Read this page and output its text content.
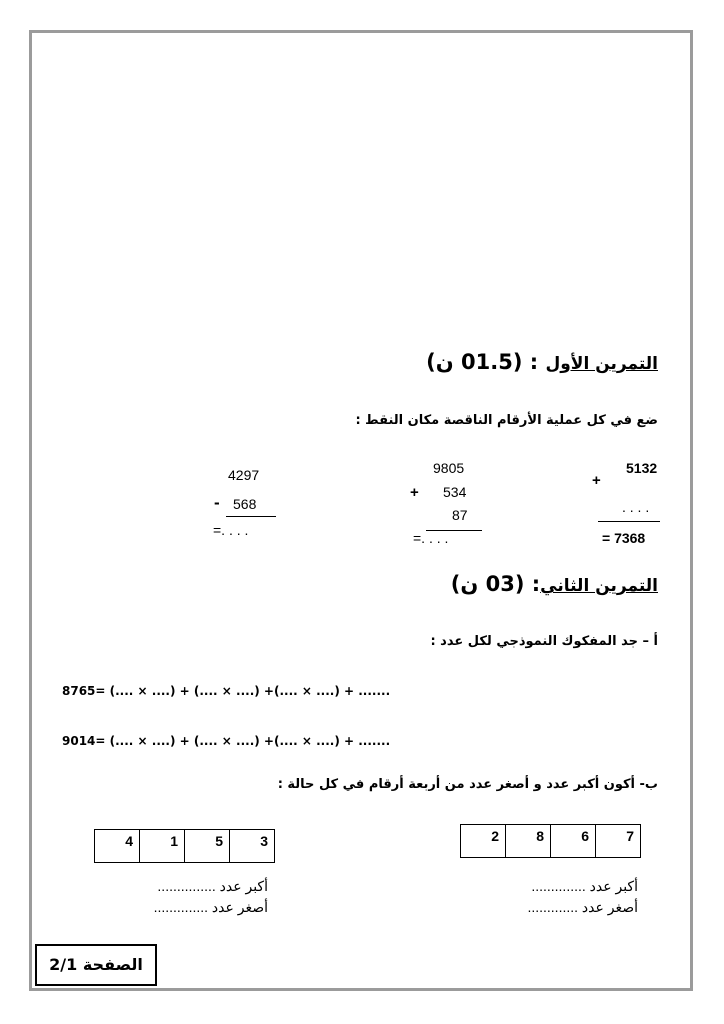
التمرين الأول : (01.5 ن)
ضع في كل عملية الأرقام الناقصة مكان النقط :
5132
+
. . . .
= 7368
9805
+ 534
87
=. . . .
4297
- 568
=. . . .
التمرين الثاني: (03 ن)
أ – جد المفكوك النموذجي لكل عدد :
8765= (.... × ....) + (.... × ....) +(.... × ....) + .......
9014= (.... × ....) + (.... × ....) +(.... × ....) + .......
ب- أكون أكبر عدد و أصغر عدد من أربعة أرقام في كل حالة :
2	8	6	7
4	1	5	3
أكبر عدد ..............
أصغر عدد .............
أكبر عدد ...............
أصغر عدد ..............
الصفحة 2/1
